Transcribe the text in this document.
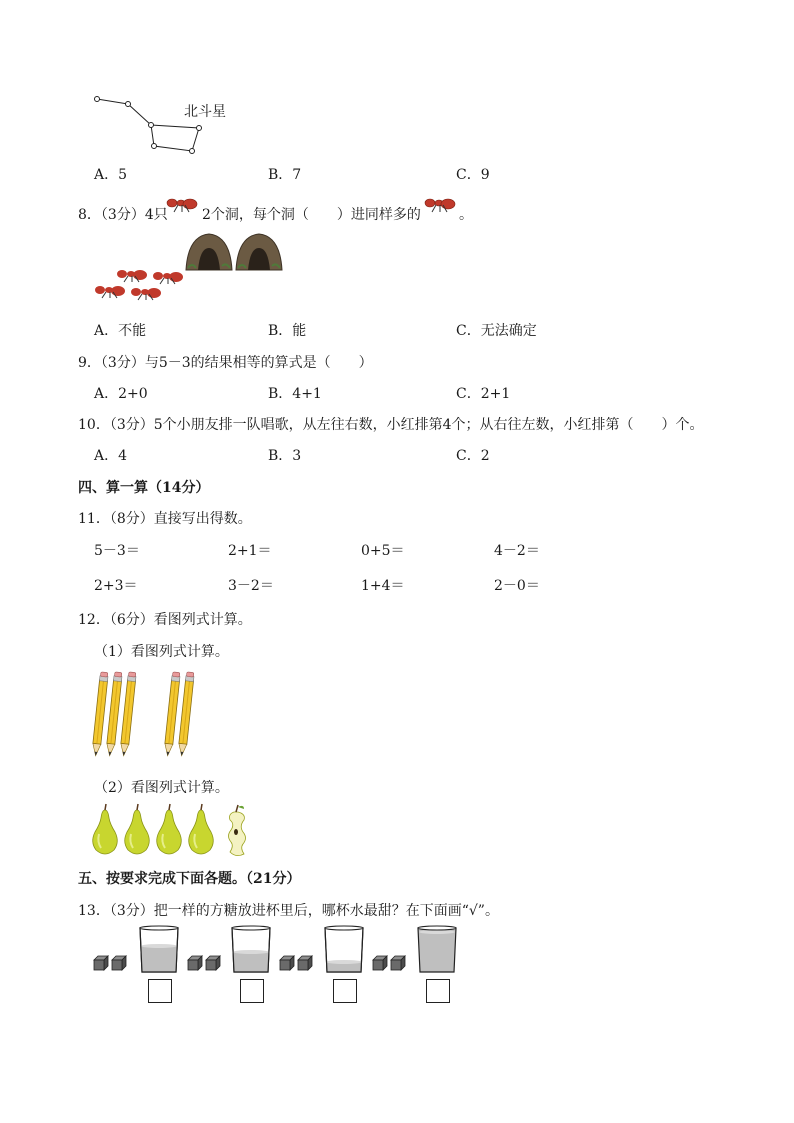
北斗星
A．5	B．7	C．9
8．（3分）4只 2个洞，每个洞（　　）进同样多的	。
A．不能	B．能	C．无法确定
9．（3分）与5－3的结果相等的算式是（　　）
A．2+0	B．4+1	C．2+1
10．（3分）5个小朋友排一队唱歌，从左往右数，小红排第4个；从右往左数，小红排第（　　）个。
A．4	B．3	C．2
四、算一算（14分）
11．（8分）直接写出得数。
5－3＝	2+1＝	0+5＝	4－2＝
2+3＝	3－2＝	1+4＝	2－0＝
12．（6分）看图列式计算。
（1）看图列式计算。
（2）看图列式计算。
五、按要求完成下面各题。（21分）
13．（3分）把一样的方糖放进杯里后，哪杯水最甜？在下面画“√”。
